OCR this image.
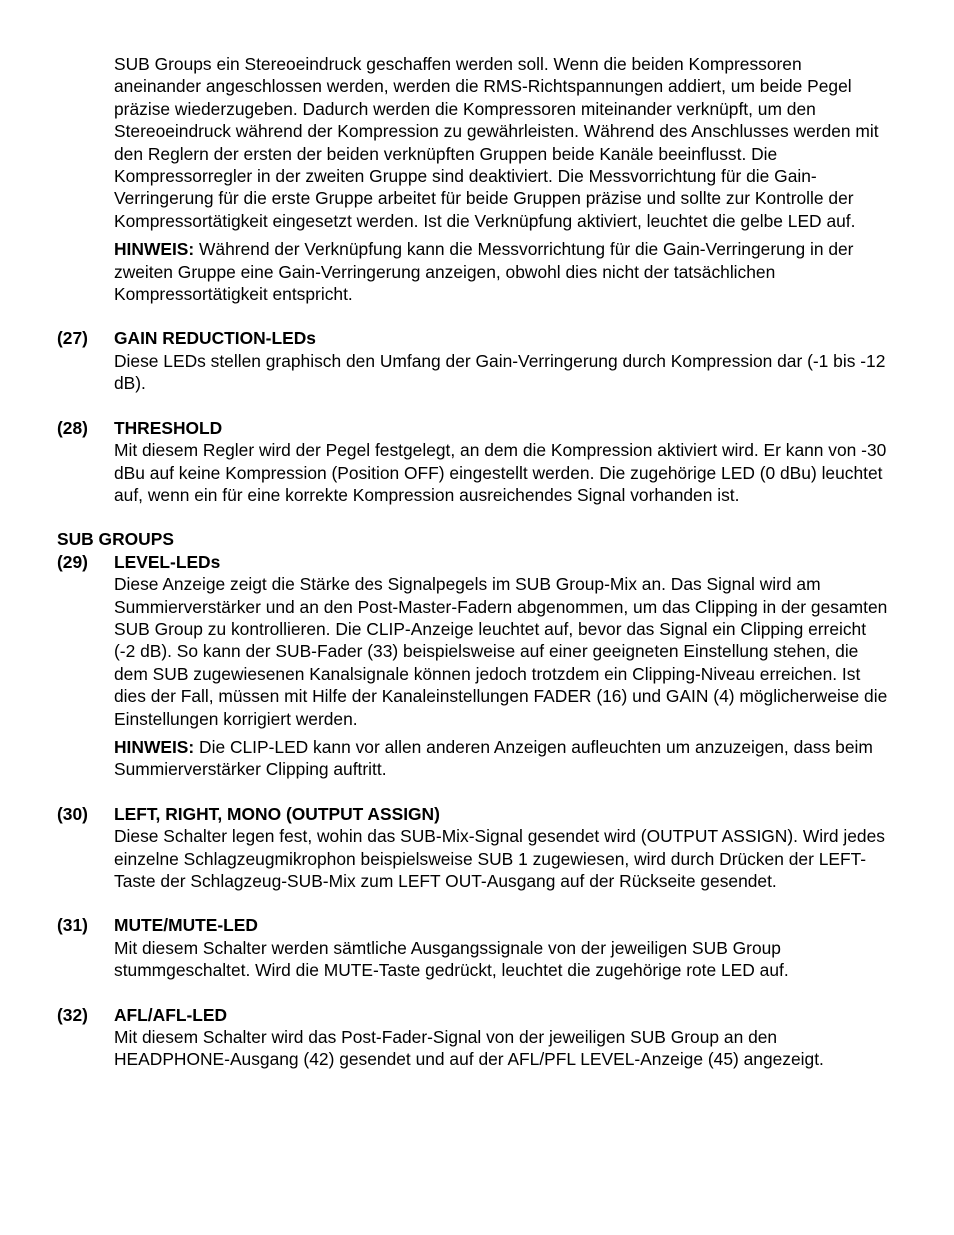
SUB Groups ein Stereoeindruck geschaffen werden soll. Wenn die beiden Kompressoren aneinander angeschlossen werden, werden die RMS-Richtspannungen addiert, um beide Pegel präzise wiederzugeben. Dadurch werden die Kompressoren miteinander verknüpft, um den Stereoeindruck während der Kompression zu gewährleisten. Während des Anschlusses werden mit den Reglern der ersten der beiden verknüpften Gruppen beide Kanäle beeinflusst. Die Kompressorregler in der zweiten Gruppe sind deaktiviert. Die Messvorrichtung für die Gain-Verringerung für die erste Gruppe arbeitet für beide Gruppen präzise und sollte zur Kontrolle der Kompressortätigkeit eingesetzt werden. Ist die Verknüpfung aktiviert, leuchtet die gelbe LED auf.

HINWEIS: Während der Verknüpfung kann die Messvorrichtung für die Gain-Verringerung in der zweiten Gruppe eine Gain-Verringerung anzeigen, obwohl dies nicht der tatsächlichen Kompressortätigkeit entspricht.

(27)	GAIN REDUCTION-LEDs

Diese LEDs stellen graphisch den Umfang der Gain-Verringerung durch Kompression dar (-1 bis -12 dB).

(28)	THRESHOLD

Mit diesem Regler wird der Pegel festgelegt, an dem die Kompression aktiviert wird. Er kann von -30 dBu auf keine Kompression (Position OFF) eingestellt werden. Die zugehörige LED (0 dBu) leuchtet auf, wenn ein für eine korrekte Kompression ausreichendes Signal vorhanden ist.

SUB GROUPS
(29)	LEVEL-LEDs

Diese Anzeige zeigt die Stärke des Signalpegels im SUB Group-Mix an. Das Signal wird am Summierverstärker und an den Post-Master-Fadern abgenommen, um das Clipping in der gesamten SUB Group zu kontrollieren. Die CLIP-Anzeige leuchtet auf, bevor das Signal ein Clipping erreicht (-2 dB). So kann der SUB-Fader (33) beispielsweise auf einer geeigneten Einstellung stehen, die dem SUB zugewiesenen Kanalsignale können jedoch trotzdem ein Clipping-Niveau erreichen. Ist dies der Fall, müssen mit Hilfe der Kanaleinstellungen FADER (16) und GAIN (4) möglicherweise die Einstellungen korrigiert werden.

HINWEIS: Die CLIP-LED kann vor allen anderen Anzeigen aufleuchten um anzuzeigen, dass beim Summierverstärker Clipping auftritt.

(30)	LEFT, RIGHT, MONO (OUTPUT ASSIGN)

Diese Schalter legen fest, wohin das SUB-Mix-Signal gesendet wird (OUTPUT ASSIGN). Wird jedes einzelne Schlagzeugmikrophon beispielsweise SUB 1 zugewiesen, wird durch Drücken der LEFT-Taste der Schlagzeug-SUB-Mix zum LEFT OUT-Ausgang auf der Rückseite gesendet.

(31)	MUTE/MUTE-LED

Mit diesem Schalter werden sämtliche Ausgangssignale von der jeweiligen SUB Group stummgeschaltet. Wird die MUTE-Taste gedrückt, leuchtet die zugehörige rote LED auf.

(32)	AFL/AFL-LED

Mit diesem Schalter wird das Post-Fader-Signal von der jeweiligen SUB Group an den HEADPHONE-Ausgang (42) gesendet und auf der AFL/PFL LEVEL-Anzeige (45) angezeigt.
